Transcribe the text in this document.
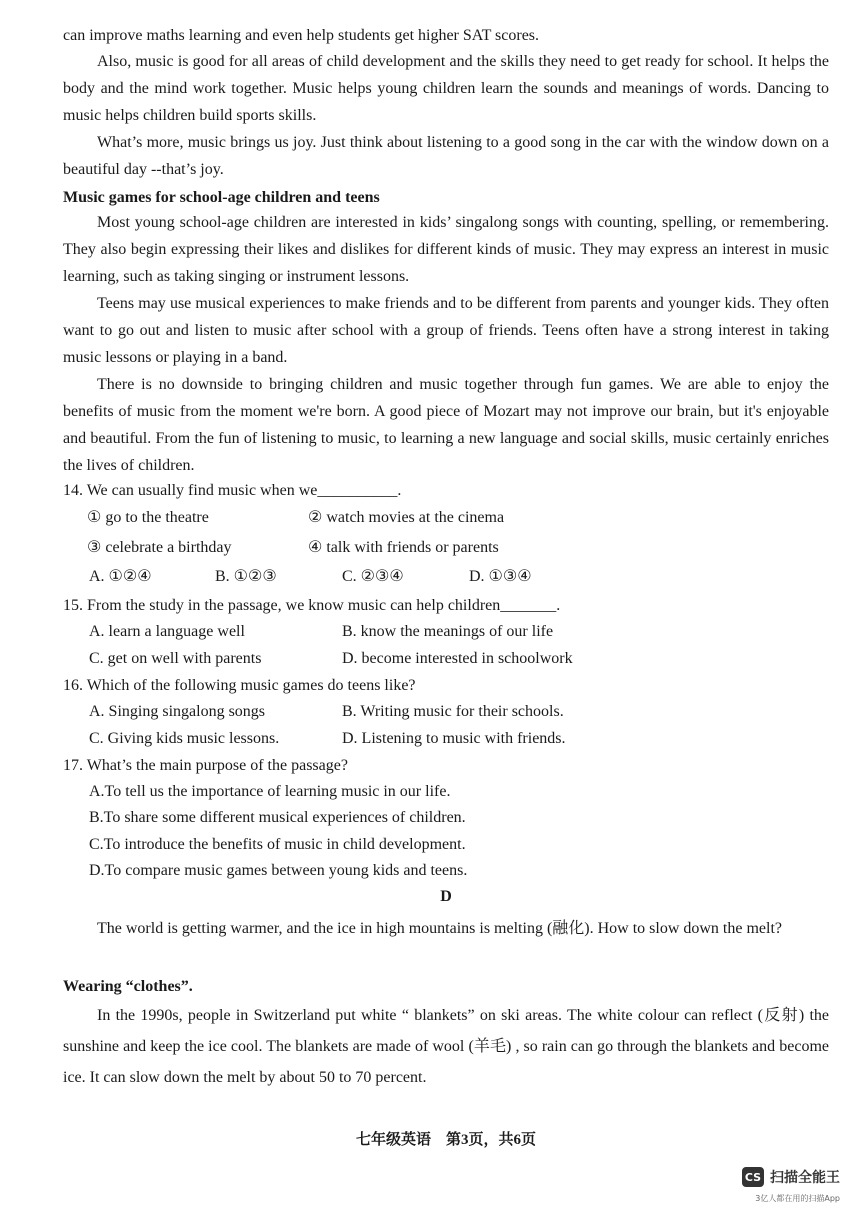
can improve maths learning and even help students get higher SAT scores.
Also, music is good for all areas of child development and the skills they need to get ready for school. It helps the body and the mind work together. Music helps young children learn the sounds and meanings of words. Dancing to music helps children build sports skills.
What’s more, music brings us joy. Just think about listening to a good song in the car with the window down on a beautiful day --that’s joy.
Music games for school-age children and teens
Most young school-age children are interested in kids’ singalong songs with counting, spelling, or remembering. They also begin expressing their likes and dislikes for different kinds of music. They may express an interest in music learning, such as taking singing or instrument lessons.
Teens may use musical experiences to make friends and to be different from parents and younger kids. They often want to go out and listen to music after school with a group of friends. Teens often have a strong interest in taking music lessons or playing in a band.
There is no downside to bringing children and music together through fun games. We are able to enjoy the benefits of music from the moment we're born. A good piece of Mozart may not improve our brain, but it's enjoyable and beautiful. From the fun of listening to music, to learning a new language and social skills, music certainly enriches the lives of children.
14. We can usually find music when we__________.
① go to the theatre	② watch movies at the cinema
③ celebrate a birthday	④ talk with friends or parents
A. ①②④	B. ①②③	C. ②③④	D. ①③④
15. From the study in the passage, we know music can help children_______.
A. learn a language well	B. know the meanings of our life
C. get on well with parents	D. become interested in schoolwork
16. Which of the following music games do teens like?
A. Singing singalong songs	B. Writing music for their schools.
C. Giving kids music lessons.	D. Listening to music with friends.
17. What’s the main purpose of the passage?
A.To tell us the importance of learning music in our life.
B.To share some different musical experiences of children.
C.To introduce the benefits of music in child development.
D.To compare music games between young kids and teens.
D
The world is getting warmer, and the ice in high mountains is melting (融化). How to slow down the melt?
Wearing “clothes”.
In the 1990s, people in Switzerland put white “ blankets” on ski areas. The white colour can reflect (反射) the sunshine and keep the ice cool. The blankets are made of wool (羊毛) , so rain can go through the blankets and become ice. It can slow down the melt by about 50 to 70 percent.
七年级英语　第3页，共6页
CS 扫描全能王
3亿人都在用的扫描App
